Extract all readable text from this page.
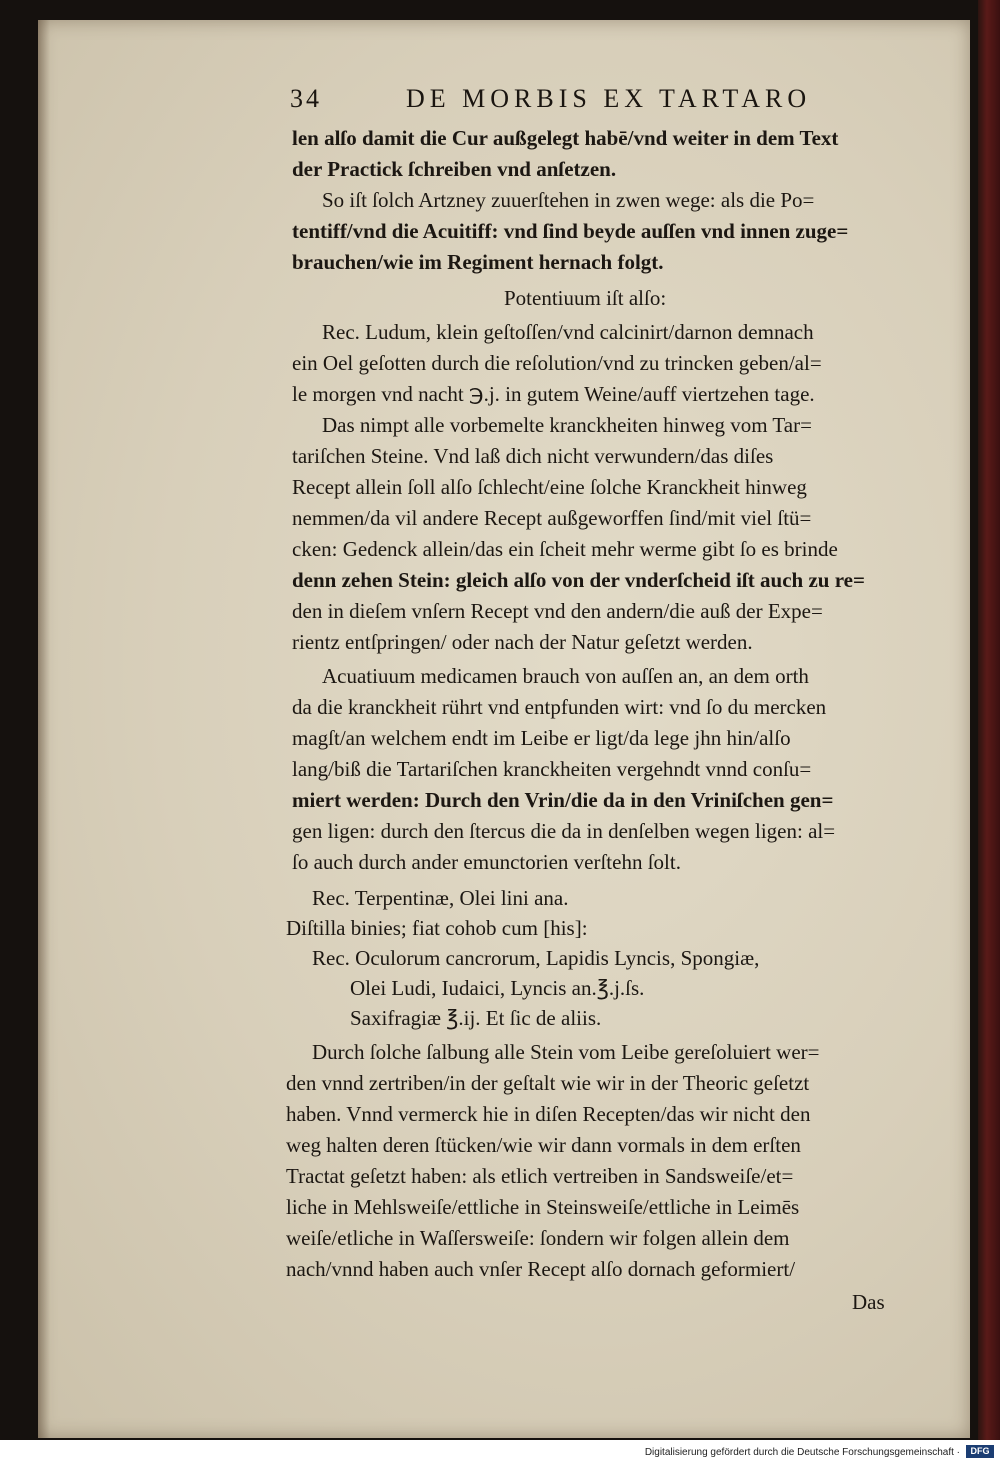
34	DE MORBIS EX TARTARO
len alſo damit die Cur außgelegt habē/vnd weiter in dem Text
der Practick ſchreiben vnd anſetzen.
So iſt ſolch Artzney zuuerſtehen in zwen wege: als die Po=
tentiff/vnd die Acuitiff: vnd ſind beyde auſſen vnd innen zuge=
brauchen/wie im Regiment hernach folgt.
Potentiuum iſt alſo:
Rec. Ludum, klein geſtoſſen/vnd calcinirt/darnon demnach
ein Oel geſotten durch die reſolution/vnd zu trincken geben/al=
le morgen vnd nacht ℈.j. in gutem Weine/auff viertzehen tage.
Das nimpt alle vorbemelte kranckheiten hinweg vom Tar=
tariſchen Steine. Vnd laß dich nicht verwundern/das diſes
Recept allein ſoll alſo ſchlecht/eine ſolche Kranckheit hinweg
nemmen/da vil andere Recept außgeworffen ſind/mit viel ſtü=
cken: Gedenck allein/das ein ſcheit mehr werme gibt ſo es brinde
denn zehen Stein: gleich alſo von der vnderſcheid iſt auch zu re=
den in dieſem vnſern Recept vnd den andern/die auß der Expe=
rientz entſpringen/ oder nach der Natur geſetzt werden.
Acuatiuum medicamen brauch von auſſen an, an dem orth
da die kranckheit rührt vnd entpfunden wirt: vnd ſo du mercken
magſt/an welchem endt im Leibe er ligt/da lege jhn hin/alſo
lang/biß die Tartariſchen kranckheiten vergehndt vnnd conſu=
miert werden: Durch den Vrin/die da in den Vriniſchen gen=
gen ligen: durch den ſtercus die da in denſelben wegen ligen: al=
ſo auch durch ander emunctorien verſtehn ſolt.
Rec. Terpentinæ, Olei lini ana.
Diſtilla binies; fiat cohob cum [his]:
Rec. Oculorum cancrorum, Lapidis Lyncis, Spongiæ,
Olei Ludi, Iudaici, Lyncis an.℥.j.ſs.
Saxifragiæ ℥.ij. Et ſic de aliis.
Durch ſolche ſalbung alle Stein vom Leibe gereſoluiert wer=
den vnnd zertriben/in der geſtalt wie wir in der Theoric geſetzt
haben. Vnnd vermerck hie in diſen Recepten/das wir nicht den
weg halten deren ſtücken/wie wir dann vormals in dem erſten
Tractat geſetzt haben: als etlich vertreiben in Sandsweiſe/et=
liche in Mehlsweiſe/ettliche in Steinsweiſe/ettliche in Leimēs
weiſe/etliche in Waſſersweiſe: ſondern wir folgen allein dem
nach/vnnd haben auch vnſer Recept alſo dornach geformiert/
Das
Digitalisierung gefördert durch die Deutsche Forschungsgemeinschaft ·	DFG
